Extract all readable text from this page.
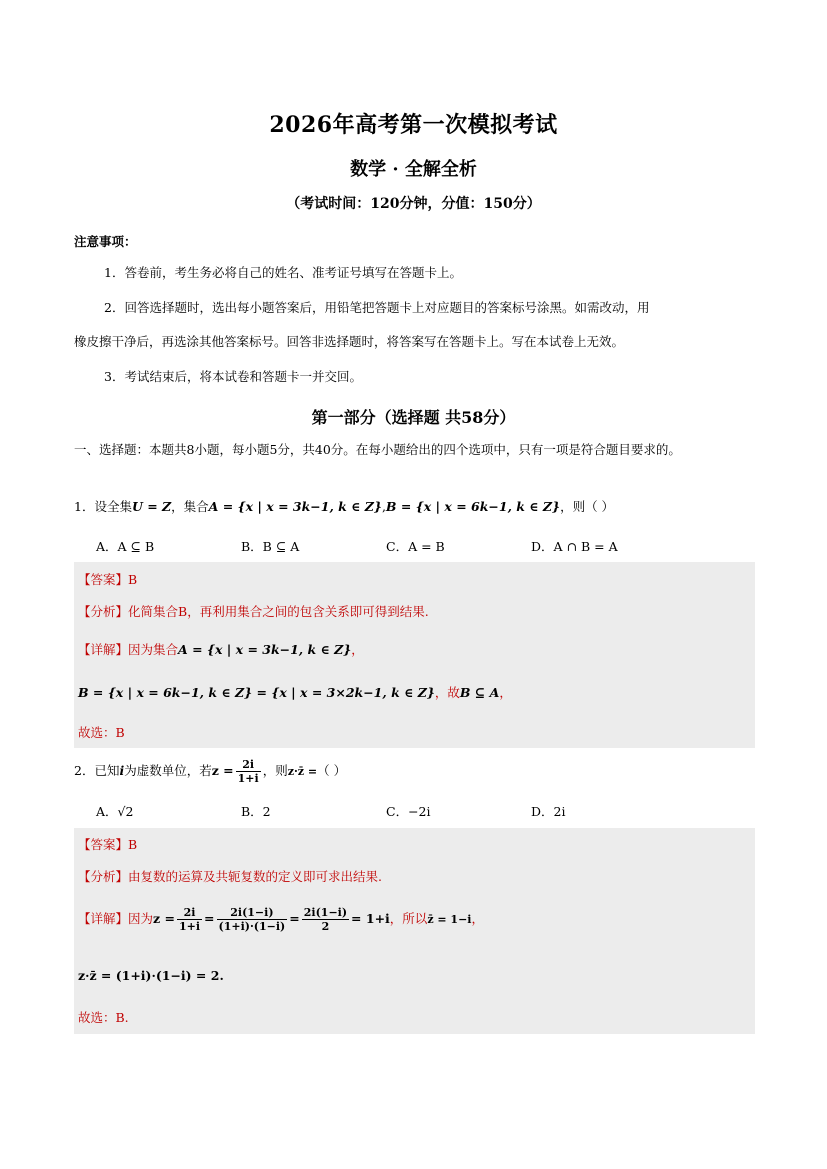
2026年高考第一次模拟考试
数学 · 全解全析
（考试时间：120分钟，分值：150分）
注意事项：
1．答卷前，考生务必将自己的姓名、准考证号填写在答题卡上。
2．回答选择题时，选出每小题答案后，用铅笔把答题卡上对应题目的答案标号涂黑。如需改动，用
橡皮擦干净后，再选涂其他答案标号。回答非选择题时，将答案写在答题卡上。写在本试卷上无效。
3．考试结束后，将本试卷和答题卡一并交回。
第一部分（选择题 共58分）
一、选择题：本题共8小题，每小题5分，共40分。在每小题给出的四个选项中，只有一项是符合题目要求的。
1．设全集U = Z，集合A = {x | x = 3k−1, k ∈ Z},B = {x | x = 6k−1, k ∈ Z}，则（ ）
A．A ⊆ B	B．B ⊆ A	C．A = B	D．A ∩ B = A
【答案】B
【分析】化简集合B，再利用集合之间的包含关系即可得到结果.
【详解】因为集合A = {x | x = 3k−1, k ∈ Z}，
B = {x | x = 6k−1, k ∈ Z} = {x | x = 3×2k−1, k ∈ Z}，故B ⊆ A，
故选：B
2．已知i为虚数单位，若$z = \frac{2i}{1+i}$ ，则z·z̄ =（ ）
A．√2	B．2	C．−2i	D．2i
【答案】B
【分析】由复数的运算及共轭复数的定义即可求出结果.
【详解】因为$z = \frac{2i}{1+i} = \frac{2i(1-i)}{(1+i)\cdot(1-i)} = \frac{2i(1-i)}{2} = 1+i$，所以z̄ = 1−i，
z·z̄ = (1+i)·(1−i) = 2.
故选：B.
